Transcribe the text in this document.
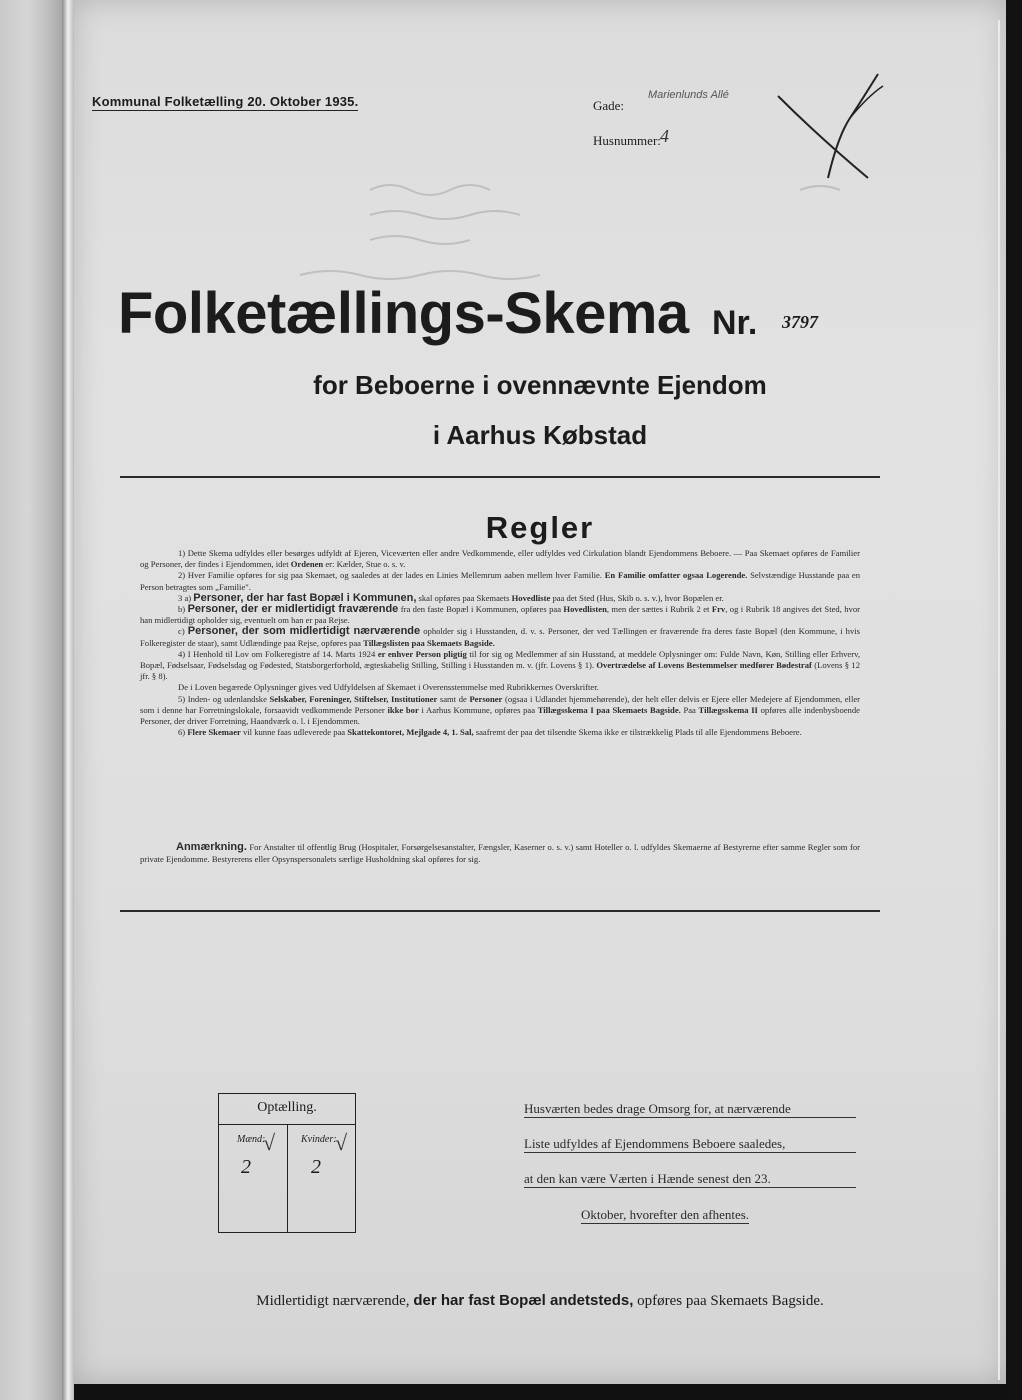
Kommunal Folketælling 20. Oktober 1935.	Gade:
Marienlunds Allé
Husnummer: 4
Folketællings-Skema Nr. 3797
for Beboerne i ovennævnte Ejendom
i Aarhus Købstad
Regler

1) Dette Skema udfyldes eller besørges udfyldt af Ejeren, Viceværten eller andre Vedkommende, eller udfyldes ved Cirkulation blandt Ejendommens Beboere. — Paa Skemaet opføres de Familier og Personer, der findes i Ejendommen, idet Ordenen er: Kælder, Stue o. s. v.

2) Hver Familie opføres for sig paa Skemaet, og saaledes at der lades en Linies Mellemrum aaben mellem hver Familie. En Familie omfatter ogsaa Logerende. Selvstændige Husstande paa en Person betragtes som „Familie".

3 a) Personer, der har fast Bopæl i Kommunen, skal opføres paa Skemaets Hovedliste paa det Sted (Hus, Skib o. s. v.), hvor Bopælen er.

b) Personer, der er midlertidigt fraværende fra den faste Bopæl i Kommunen, opføres paa Hovedlisten, men der sættes i Rubrik 2 et Frv, og i Rubrik 18 angives det Sted, hvor han midlertidigt opholder sig, eventuelt om han er paa Rejse.

c) Personer, der som midlertidigt nærværende opholder sig i Husstanden, d. v. s. Personer, der ved Tællingen er fraværende fra deres faste Bopæl (den Kommune, i hvis Folkeregister de staar), samt Udlændinge paa Rejse, opføres paa Tillægslisten paa Skemaets Bagside.

4) I Henhold til Lov om Folkeregistre af 14. Marts 1924 er enhver Person pligtig til for sig og Medlemmer af sin Husstand, at meddele Oplysninger om: Fulde Navn, Køn, Stilling eller Erhverv, Bopæl, Fødselsaar, Fødselsdag og Fødested, Statsborgerforhold, ægteskabelig Stilling, Stilling i Husstanden m. v. (jfr. Lovens § 1). Overtrædelse af Lovens Bestemmelser medfører Bødestraf (Lovens § 12 jfr. § 8).

De i Loven begærede Oplysninger gives ved Udfyldelsen af Skemaet i Overensstemmelse med Rubrikkernes Overskrifter.

5) Inden- og udenlandske Selskaber, Foreninger, Stiftelser, Institutioner samt de Personer (ogsaa i Udlandet hjemmehørende), der helt eller delvis er Ejere eller Medejere af Ejendommen, eller som i denne har Forretningslokale, forsaavidt vedkommende Personer ikke bor i Aarhus Kommune, opføres paa Tillægsskema I paa Skemaets Bagside. Paa Tillægsskema II opføres alle indenbysboende Personer, der driver Forretning, Haandværk o. l. i Ejendommen.

6) Flere Skemaer vil kunne faas udleverede paa Skattekontoret, Mejlgade 4, 1. Sal, saafremt der paa det tilsendte Skema ikke er tilstrækkelig Plads til alle Ejendommens Beboere.

Anmærkning. For Anstalter til offentlig Brug (Hospitaler, Forsørgelsesanstalter, Fængsler, Kaserner o. s. v.) samt Hoteller o. l. udfyldes Skemaerne af Bestyrerne efter samme Regler som for private Ejendomme. Bestyrerens eller Opsynspersonalets særlige Husholdning skal opføres for sig.

Optælling.
Mænd:	Kvinder:
√	√
2	2
Husværten bedes drage Omsorg for, at nærværende
Liste udfyldes af Ejendommens Beboere saaledes,
at den kan være Værten i Hænde senest den 23.
Oktober, hvorefter den afhentes.
Midlertidigt nærværende, der har fast Bopæl andetsteds, opføres paa Skemaets Bagside.
